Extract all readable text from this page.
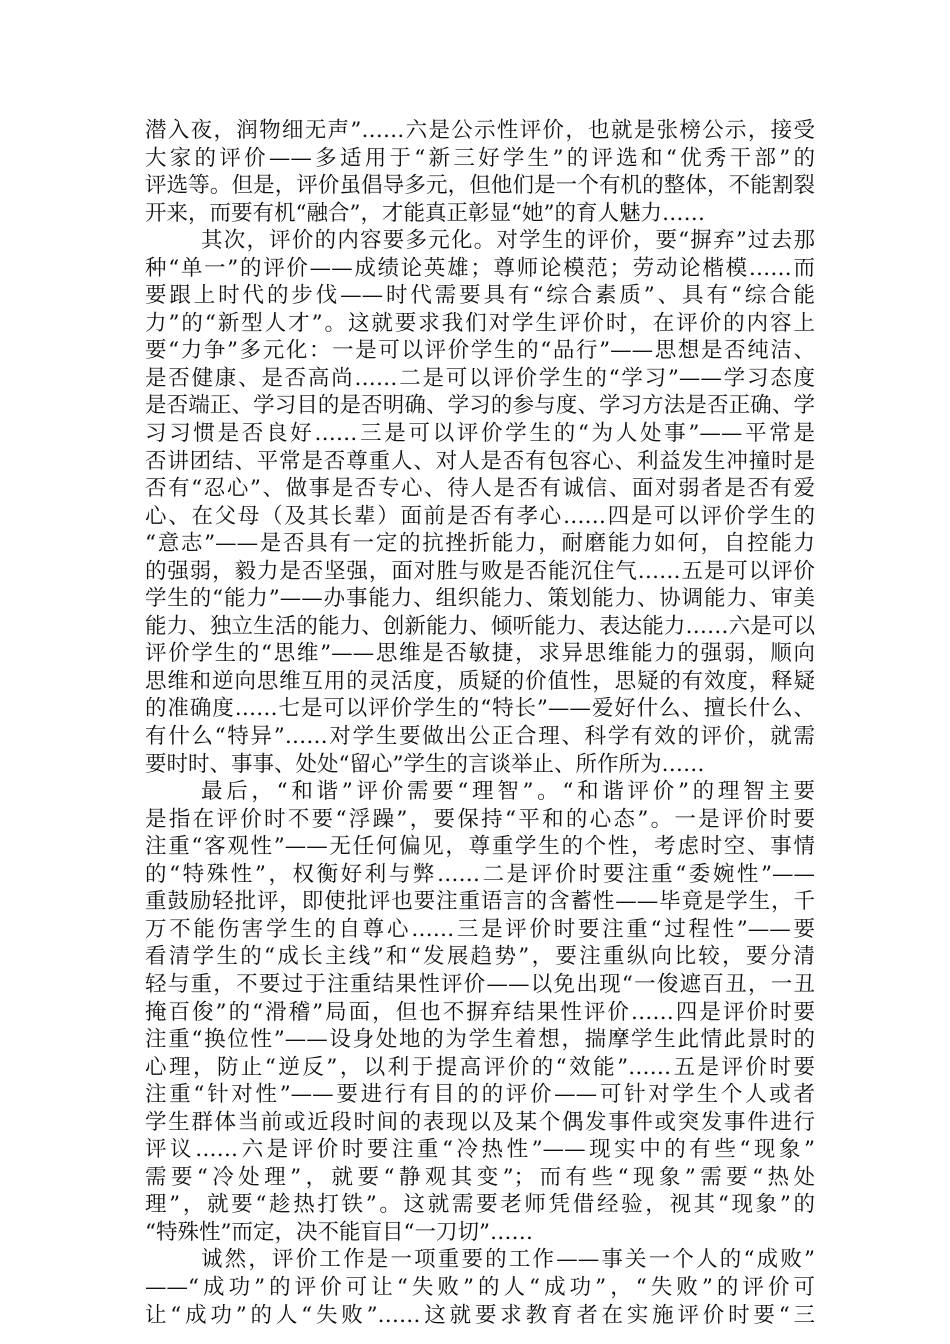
潜入夜，润物细无声”……六是公示性评价，也就是张榜公示，接受
大家的评价——多适用于“新三好学生”的评选和“优秀干部”的
评选等。但是，评价虽倡导多元，但他们是一个有机的整体，不能割裂
开来，而要有机“融合”，才能真正彰显“她”的育人魅力……
其次，评价的内容要多元化。对学生的评价，要“摒弃”过去那
种“单一”的评价——成绩论英雄；尊师论模范；劳动论楷模……而
要跟上时代的步伐——时代需要具有“综合素质”、具有“综合能
力”的“新型人才”。这就要求我们对学生评价时，在评价的内容上
要“力争”多元化：一是可以评价学生的“品行”——思想是否纯洁、
是否健康、是否高尚……二是可以评价学生的“学习”——学习态度
是否端正、学习目的是否明确、学习的参与度、学习方法是否正确、学
习习惯是否良好……三是可以评价学生的“为人处事”——平常是
否讲团结、平常是否尊重人、对人是否有包容心、利益发生冲撞时是
否有“忍心”、做事是否专心、待人是否有诚信、面对弱者是否有爱
心、在父母（及其长辈）面前是否有孝心……四是可以评价学生的
“意志”——是否具有一定的抗挫折能力，耐磨能力如何，自控能力
的强弱，毅力是否坚强，面对胜与败是否能沉住气……五是可以评价
学生的“能力”——办事能力、组织能力、策划能力、协调能力、审美
能力、独立生活的能力、创新能力、倾听能力、表达能力……六是可以
评价学生的“思维”——思维是否敏捷，求异思维能力的强弱，顺向
思维和逆向思维互用的灵活度，质疑的价值性，思疑的有效度，释疑
的准确度……七是可以评价学生的“特长”——爱好什么、擅长什么、
有什么“特异”……对学生要做出公正合理、科学有效的评价，就需
要时时、事事、处处“留心”学生的言谈举止、所作所为……
最后，“和谐”评价需要“理智”。“和谐评价”的理智主要
是指在评价时不要“浮躁”，要保持“平和的心态”。一是评价时要
注重“客观性”——无任何偏见，尊重学生的个性，考虑时空、事情
的“特殊性”，权衡好利与弊……二是评价时要注重“委婉性”——
重鼓励轻批评，即使批评也要注重语言的含蓄性——毕竟是学生，千
万不能伤害学生的自尊心……三是评价时要注重“过程性”——要
看清学生的“成长主线”和“发展趋势”，要注重纵向比较，要分清
轻与重，不要过于注重结果性评价——以免出现“一俊遮百丑，一丑
掩百俊”的“滑稽”局面，但也不摒弃结果性评价……四是评价时要
注重“换位性”——设身处地的为学生着想，揣摩学生此情此景时的
心理，防止“逆反”，以利于提高评价的“效能”……五是评价时要
注重“针对性”——要进行有目的的评价——可针对学生个人或者
学生群体当前或近段时间的表现以及某个偶发事件或突发事件进行
评议……六是评价时要注重“冷热性”——现实中的有些“现象”
需要“冷处理”，就要“静观其变”；而有些“现象”需要“热处
理”，就要“趁热打铁”。这就需要老师凭借经验，视其“现象”的
“特殊性”而定，决不能盲目“一刀切”……
诚然，评价工作是一项重要的工作——事关一个人的“成败”
——“成功”的评价可让“失败”的人“成功”，“失败”的评价可
让“成功”的人“失败”……这就要求教育者在实施评价时要“三
